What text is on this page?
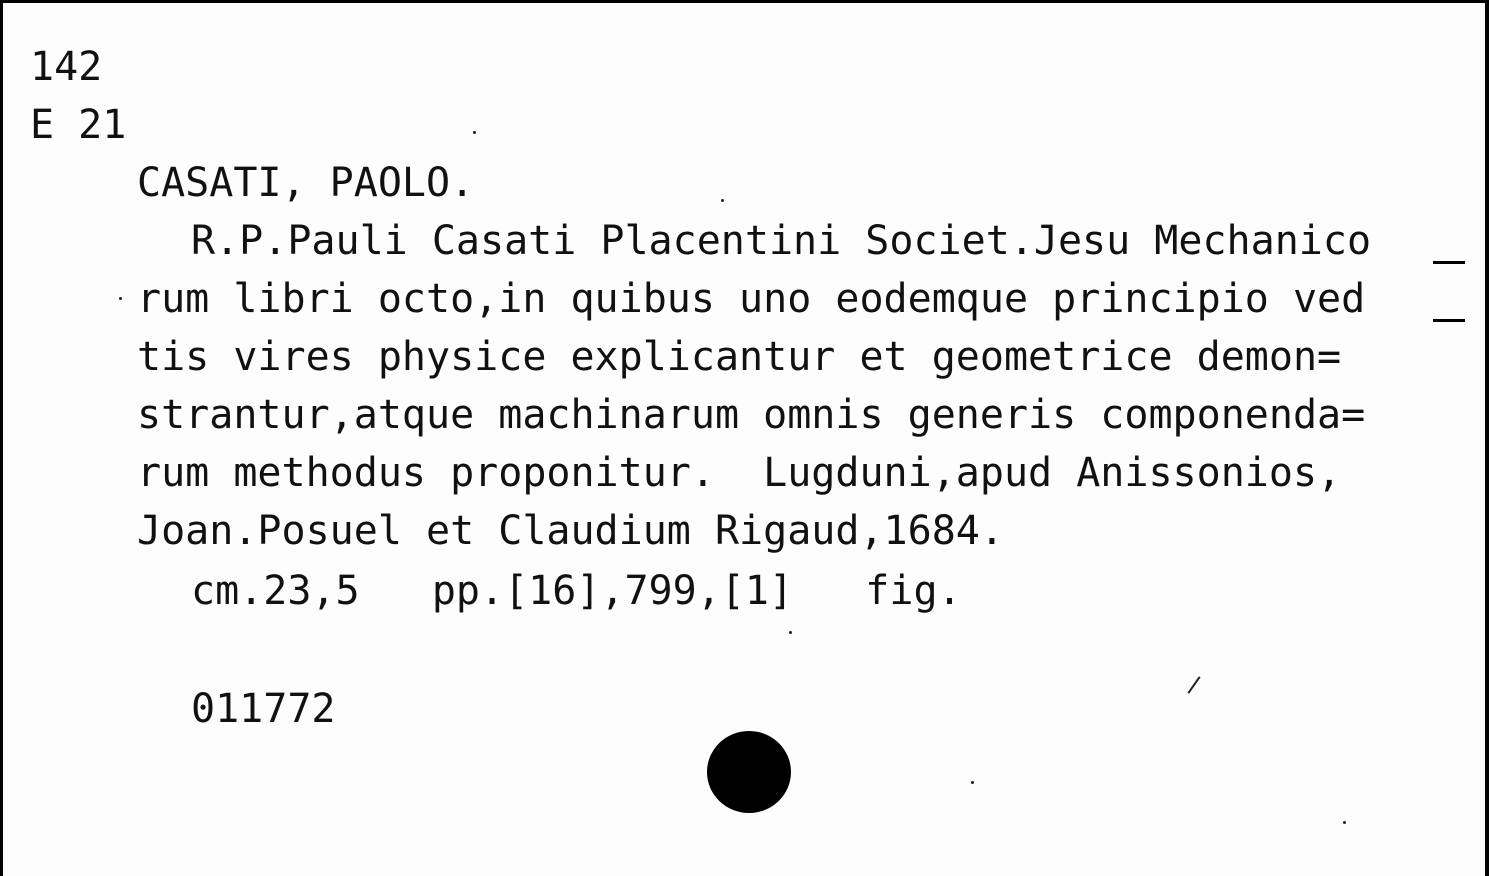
142
E 21
CASATI, PAOLO.
R.P.Pauli Casati Placentini Societ.Jesu Mechanico
rum libri octo,in quibus uno eodemque principio ved
tis vires physice explicantur et geometrice demon=
strantur,atque machinarum omnis generis componenda=
rum methodus proponitur.  Lugduni,apud Anissonios,
Joan.Posuel et Claudium Rigaud,1684.
cm.23,5   pp.[16],799,[1]   fig.
011772
